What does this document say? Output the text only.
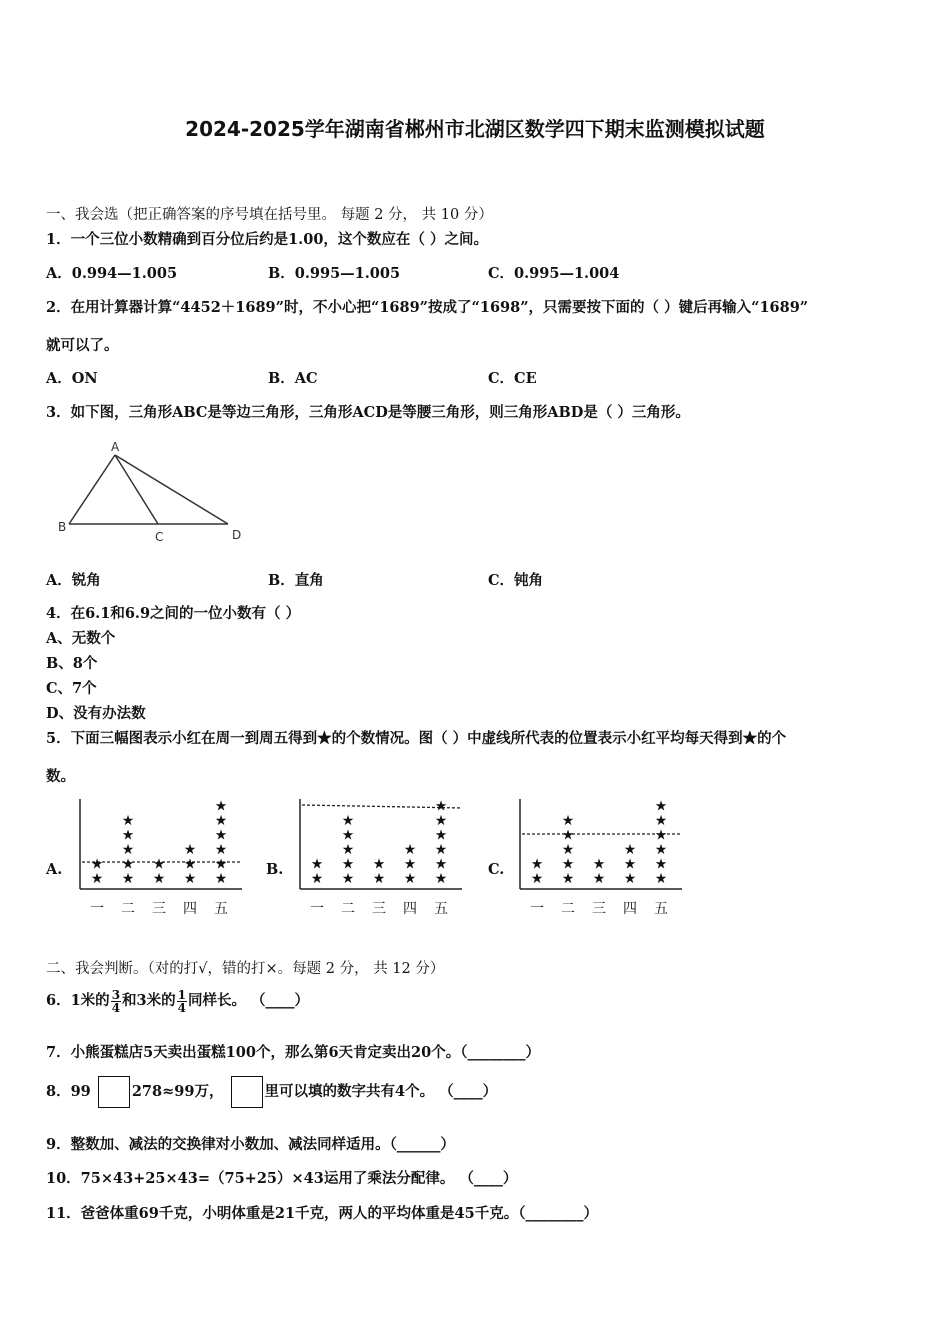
2024-2025学年湖南省郴州市北湖区数学四下期末监测模拟试题
一、我会选（把正确答案的序号填在括号里。 每题 2 分， 共 10 分）
1．一个三位小数精确到百分位后约是1.00，这个数应在（ ）之间。
A．0.994—1.005	B．0.995—1.005	C．0.995—1.004
2．在用计算器计算“4452＋1689”时，不小心把“1689”按成了“1698”，只需要按下面的（ ）键后再输入“1689”
就可以了。
A．ON	B．AC	C．CE
3．如下图，三角形ABC是等边三角形，三角形ACD是等腰三角形，则三角形ABD是（ ）三角形。
A
B
C	D
A．锐角	B．直角	C．钝角
4．在6.1和6.9之间的一位小数有（ ）
A、无数个
B、8个
C、7个
D、没有办法数
5．下面三幅图表示小红在周一到周五得到★的个数情况。图（ ）中虚线所代表的位置表示小红平均每天得到★的个
数。
A.	B.	C.
★
★
一
★
★
★
★
★
二
★
★
三
★
★
★
四
★
★
★
★
★
★
五
★
★
一
★
★
★
★
★
二
★
★
三
★
★
★
四
★
★
★
★
★
★
五
★
★
一
★
★
★
★
★
二
★
★
三
★
★
★
四
★
★
★
★
★
★
五
二、我会判断。（对的打√，错的打×。每题 2 分， 共 12 分）
6．1米的 $\frac{3}{4}$ 和3米的 $\frac{1}{4}$ 同样长。 （____）
7．小熊蛋糕店5天卖出蛋糕100个，那么第6天肯定卖出20个。（________）
8．99	278≈99万，	里可以填的数字共有4个。 （____）
9．整数加、减法的交换律对小数加、减法同样适用。（______）
10．75×43+25×43=（75+25）×43运用了乘法分配律。 （____）
11．爸爸体重69千克，小明体重是21千克，两人的平均体重是45千克。（________）
